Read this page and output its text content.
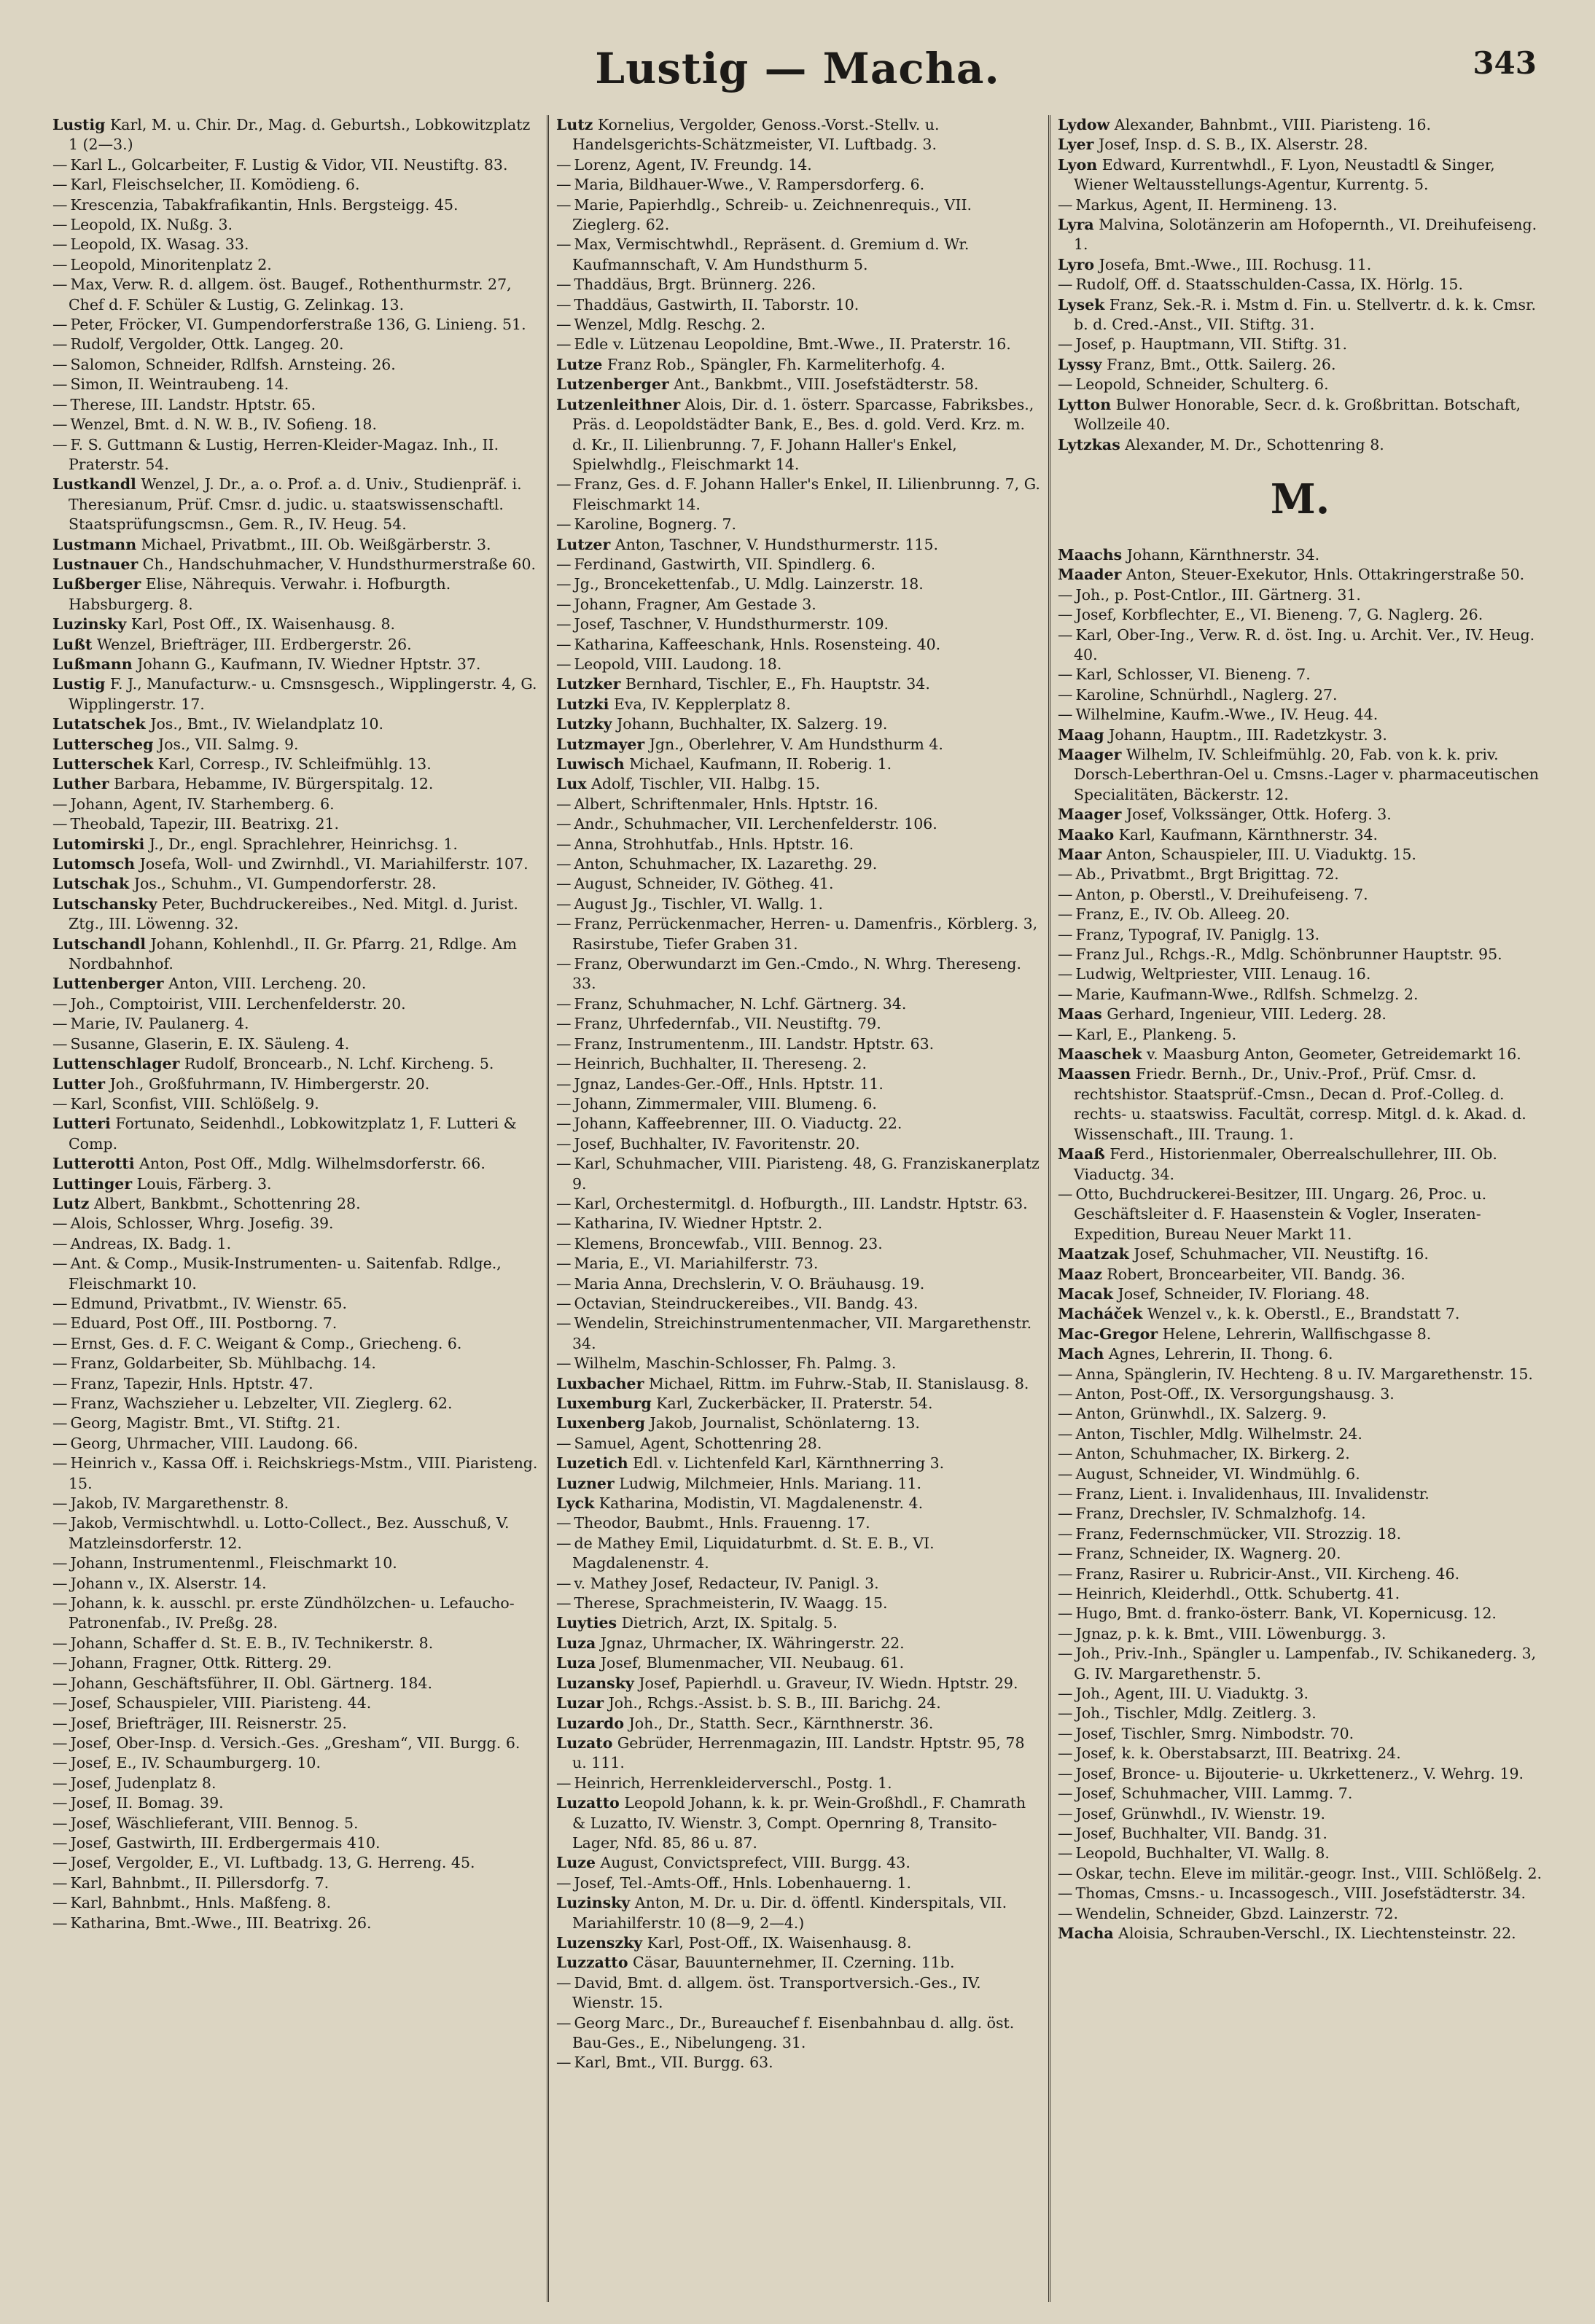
Lustig — Macha.	343
Lustig Karl, M. u. Chir. Dr., Mag. d. Geburtsh., Lobkowitzplatz 1 (2—3.)
— Karl L., Golcarbeiter, F. Lustig & Vidor, VII. Neustiftg. 83.
— Karl, Fleischselcher, II. Komödieng. 6.
— Krescenzia, Tabakfrafikantin, Hnls. Bergsteigg. 45.
— Leopold, IX. Nußg. 3.
— Leopold, IX. Wasag. 33.
— Leopold, Minoritenplatz 2.
— Max, Verw. R. d. allgem. öst. Baugef., Rothenthurmstr. 27, Chef d. F. Schüler & Lustig, G. Zelinkag. 13.
— Peter, Fröcker, VI. Gumpendorferstraße 136, G. Linieng. 51.
— Rudolf, Vergolder, Ottk. Langeg. 20.
— Salomon, Schneider, Rdlfsh. Arnsteing. 26.
— Simon, II. Weintraubeng. 14.
— Therese, III. Landstr. Hptstr. 65.
— Wenzel, Bmt. d. N. W. B., IV. Sofieng. 18.
— F. S. Guttmann & Lustig, Herren-Kleider-Magaz. Inh., II. Praterstr. 54.
Lustkandl Wenzel, J. Dr., a. o. Prof. a. d. Univ., Studienpräf. i. Theresianum, Prüf. Cmsr. d. judic. u. staatswissenschaftl. Staatsprüfungscmsn., Gem. R., IV. Heug. 54.
Lustmann Michael, Privatbmt., III. Ob. Weißgärberstr. 3.
Lustnauer Ch., Handschuhmacher, V. Hundsthurmerstraße 60.
Lußberger Elise, Nährequis. Verwahr. i. Hofburgth. Habsburgerg. 8.
Luzinsky Karl, Post Off., IX. Waisenhausg. 8.
Lußt Wenzel, Briefträger, III. Erdbergerstr. 26.
Lußmann Johann G., Kaufmann, IV. Wiedner Hptstr. 37.
Lustig F. J., Manufacturw.- u. Cmsnsgesch., Wipplingerstr. 4, G. Wipplingerstr. 17.
Lutatschek Jos., Bmt., IV. Wielandplatz 10.
Lutterscheg Jos., VII. Salmg. 9.
Lutterschek Karl, Corresp., IV. Schleifmühlg. 13.
Luther Barbara, Hebamme, IV. Bürgerspitalg. 12.
— Johann, Agent, IV. Starhemberg. 6.
— Theobald, Tapezir, III. Beatrixg. 21.
Lutomirski J., Dr., engl. Sprachlehrer, Heinrichsg. 1.
Lutomsch Josefa, Woll- und Zwirnhdl., VI. Mariahilferstr. 107.
Lutschak Jos., Schuhm., VI. Gumpendorferstr. 28.
Lutschansky Peter, Buchdruckereibes., Ned. Mitgl. d. Jurist. Ztg., III. Löwenng. 32.
Lutschandl Johann, Kohlenhdl., II. Gr. Pfarrg. 21, Rdlge. Am Nordbahnhof.
Luttenberger Anton, VIII. Lercheng. 20.
— Joh., Comptoirist, VIII. Lerchenfelderstr. 20.
— Marie, IV. Paulanerg. 4.
— Susanne, Glaserin, E. IX. Säuleng. 4.
Luttenschlager Rudolf, Broncearb., N. Lchf. Kircheng. 5.
Lutter Joh., Großfuhrmann, IV. Himbergerstr. 20.
— Karl, Sconfist, VIII. Schlößelg. 9.
Lutteri Fortunato, Seidenhdl., Lobkowitzplatz 1, F. Lutteri & Comp.
Lutterotti Anton, Post Off., Mdlg. Wilhelmsdorferstr. 66.
Luttinger Louis, Färberg. 3.
Lutz Albert, Bankbmt., Schottenring 28.
— Alois, Schlosser, Whrg. Josefig. 39.
— Andreas, IX. Badg. 1.
— Ant. & Comp., Musik-Instrumenten- u. Saitenfab. Rdlge., Fleischmarkt 10.
— Edmund, Privatbmt., IV. Wienstr. 65.
— Eduard, Post Off., III. Postborng. 7.
— Ernst, Ges. d. F. C. Weigant & Comp., Griecheng. 6.
— Franz, Goldarbeiter, Sb. Mühlbachg. 14.
— Franz, Tapezir, Hnls. Hptstr. 47.
— Franz, Wachszieher u. Lebzelter, VII. Zieglerg. 62.
— Georg, Magistr. Bmt., VI. Stiftg. 21.
— Georg, Uhrmacher, VIII. Laudong. 66.
— Heinrich v., Kassa Off. i. Reichskriegs-Mstm., VIII. Piaristeng. 15.
— Jakob, IV. Margarethenstr. 8.
— Jakob, Vermischtwhdl. u. Lotto-Collect., Bez. Ausschuß, V. Matzleinsdorferstr. 12.
— Johann, Instrumentenml., Fleischmarkt 10.
— Johann v., IX. Alserstr. 14.
— Johann, k. k. ausschl. pr. erste Zündhölzchen- u. Lefaucho-Patronenfab., IV. Preßg. 28.
— Johann, Schaffer d. St. E. B., IV. Technikerstr. 8.
— Johann, Fragner, Ottk. Ritterg. 29.
— Johann, Geschäftsführer, II. Obl. Gärtnerg. 184.
— Josef, Schauspieler, VIII. Piaristeng. 44.
— Josef, Briefträger, III. Reisnerstr. 25.
— Josef, Ober-Insp. d. Versich.-Ges. „Gresham“, VII. Burgg. 6.
— Josef, E., IV. Schaumburgerg. 10.
— Josef, Judenplatz 8.
— Josef, II. Bomag. 39.
— Josef, Wäschlieferant, VIII. Bennog. 5.
— Josef, Gastwirth, III. Erdbergermais 410.
— Josef, Vergolder, E., VI. Luftbadg. 13, G. Herreng. 45.
— Karl, Bahnbmt., II. Pillersdorfg. 7.
— Karl, Bahnbmt., Hnls. Maßfeng. 8.
— Katharina, Bmt.-Wwe., III. Beatrixg. 26.
Lutz Kornelius, Vergolder, Genoss.-Vorst.-Stellv. u. Handelsgerichts-Schätzmeister, VI. Luftbadg. 3.
— Lorenz, Agent, IV. Freundg. 14.
— Maria, Bildhauer-Wwe., V. Rampersdorferg. 6.
— Marie, Papierhdlg., Schreib- u. Zeichnenrequis., VII. Zieglerg. 62.
— Max, Vermischtwhdl., Repräsent. d. Gremium d. Wr. Kaufmannschaft, V. Am Hundsthurm 5.
— Thaddäus, Brgt. Brünnerg. 226.
— Thaddäus, Gastwirth, II. Taborstr. 10.
— Wenzel, Mdlg. Reschg. 2.
— Edle v. Lützenau Leopoldine, Bmt.-Wwe., II. Praterstr. 16.
Lutze Franz Rob., Spängler, Fh. Karmeliterhofg. 4.
Lutzenberger Ant., Bankbmt., VIII. Josefstädterstr. 58.
Lutzenleithner Alois, Dir. d. 1. österr. Sparcasse, Fabriksbes., Präs. d. Leopoldstädter Bank, E., Bes. d. gold. Verd. Krz. m. d. Kr., II. Lilienbrunng. 7, F. Johann Haller's Enkel, Spielwhdlg., Fleischmarkt 14.
— Franz, Ges. d. F. Johann Haller's Enkel, II. Lilienbrunng. 7, G. Fleischmarkt 14.
— Karoline, Bognerg. 7.
Lutzer Anton, Taschner, V. Hundsthurmerstr. 115.
— Ferdinand, Gastwirth, VII. Spindlerg. 6.
— Jg., Broncekettenfab., U. Mdlg. Lainzerstr. 18.
— Johann, Fragner, Am Gestade 3.
— Josef, Taschner, V. Hundsthurmerstr. 109.
— Katharina, Kaffeeschank, Hnls. Rosensteing. 40.
— Leopold, VIII. Laudong. 18.
Lutzker Bernhard, Tischler, E., Fh. Hauptstr. 34.
Lutzki Eva, IV. Kepplerplatz 8.
Lutzky Johann, Buchhalter, IX. Salzerg. 19.
Lutzmayer Jgn., Oberlehrer, V. Am Hundsthurm 4.
Luwisch Michael, Kaufmann, II. Roberig. 1.
Lux Adolf, Tischler, VII. Halbg. 15.
— Albert, Schriftenmaler, Hnls. Hptstr. 16.
— Andr., Schuhmacher, VII. Lerchenfelderstr. 106.
— Anna, Strohhutfab., Hnls. Hptstr. 16.
— Anton, Schuhmacher, IX. Lazarethg. 29.
— August, Schneider, IV. Götheg. 41.
— August Jg., Tischler, VI. Wallg. 1.
— Franz, Perrückenmacher, Herren- u. Damenfris., Körblerg. 3, Rasirstube, Tiefer Graben 31.
— Franz, Oberwundarzt im Gen.-Cmdo., N. Whrg. Thereseng. 33.
— Franz, Schuhmacher, N. Lchf. Gärtnerg. 34.
— Franz, Uhrfedernfab., VII. Neustiftg. 79.
— Franz, Instrumentenm., III. Landstr. Hptstr. 63.
— Heinrich, Buchhalter, II. Thereseng. 2.
— Jgnaz, Landes-Ger.-Off., Hnls. Hptstr. 11.
— Johann, Zimmermaler, VIII. Blumeng. 6.
— Johann, Kaffeebrenner, III. O. Viaductg. 22.
— Josef, Buchhalter, IV. Favoritenstr. 20.
— Karl, Schuhmacher, VIII. Piaristeng. 48, G. Franziskanerplatz 9.
— Karl, Orchestermitgl. d. Hofburgth., III. Landstr. Hptstr. 63.
— Katharina, IV. Wiedner Hptstr. 2.
— Klemens, Broncewfab., VIII. Bennog. 23.
— Maria, E., VI. Mariahilferstr. 73.
— Maria Anna, Drechslerin, V. O. Bräuhausg. 19.
— Octavian, Steindruckereibes., VII. Bandg. 43.
— Wendelin, Streichinstrumentenmacher, VII. Margarethenstr. 34.
— Wilhelm, Maschin-Schlosser, Fh. Palmg. 3.
Luxbacher Michael, Rittm. im Fuhrw.-Stab, II. Stanislausg. 8.
Luxemburg Karl, Zuckerbäcker, II. Praterstr. 54.
Luxenberg Jakob, Journalist, Schönlaterng. 13.
— Samuel, Agent, Schottenring 28.
Luzetich Edl. v. Lichtenfeld Karl, Kärnthnerring 3.
Luzner Ludwig, Milchmeier, Hnls. Mariang. 11.
Lyck Katharina, Modistin, VI. Magdalenenstr. 4.
— Theodor, Baubmt., Hnls. Frauenng. 17.
— de Mathey Emil, Liquidaturbmt. d. St. E. B., VI. Magdalenenstr. 4.
— v. Mathey Josef, Redacteur, IV. Panigl. 3.
— Therese, Sprachmeisterin, IV. Waagg. 15.
Luyties Dietrich, Arzt, IX. Spitalg. 5.
Luza Jgnaz, Uhrmacher, IX. Währingerstr. 22.
Luza Josef, Blumenmacher, VII. Neubaug. 61.
Luzansky Josef, Papierhdl. u. Graveur, IV. Wiedn. Hptstr. 29.
Luzar Joh., Rchgs.-Assist. b. S. B., III. Barichg. 24.
Luzardo Joh., Dr., Statth. Secr., Kärnthnerstr. 36.
Luzato Gebrüder, Herrenmagazin, III. Landstr. Hptstr. 95, 78 u. 111.
— Heinrich, Herrenkleiderverschl., Postg. 1.
Luzatto Leopold Johann, k. k. pr. Wein-Großhdl., F. Chamrath & Luzatto, IV. Wienstr. 3, Compt. Opernring 8, Transito-Lager, Nfd. 85, 86 u. 87.
Luze August, Convictsprefect, VIII. Burgg. 43.
— Josef, Tel.-Amts-Off., Hnls. Lobenhauerng. 1.
Luzinsky Anton, M. Dr. u. Dir. d. öffentl. Kinderspitals, VII. Mariahilferstr. 10 (8—9, 2—4.)
Luzenszky Karl, Post-Off., IX. Waisenhausg. 8.
Luzzatto Cäsar, Bauunternehmer, II. Czerning. 11b.
— David, Bmt. d. allgem. öst. Transportversich.-Ges., IV. Wienstr. 15.
— Georg Marc., Dr., Bureauchef f. Eisenbahnbau d. allg. öst. Bau-Ges., E., Nibelungeng. 31.
— Karl, Bmt., VII. Burgg. 63.
Lydow Alexander, Bahnbmt., VIII. Piaristeng. 16.
Lyer Josef, Insp. d. S. B., IX. Alserstr. 28.
Lyon Edward, Kurrentwhdl., F. Lyon, Neustadtl & Singer, Wiener Weltausstellungs-Agentur, Kurrentg. 5.
— Markus, Agent, II. Hermineng. 13.
Lyra Malvina, Solotänzerin am Hofopernth., VI. Dreihufeiseng. 1.
Lyro Josefa, Bmt.-Wwe., III. Rochusg. 11.
— Rudolf, Off. d. Staatsschulden-Cassa, IX. Hörlg. 15.
Lysek Franz, Sek.-R. i. Mstm d. Fin. u. Stellvertr. d. k. k. Cmsr. b. d. Cred.-Anst., VII. Stiftg. 31.
— Josef, p. Hauptmann, VII. Stiftg. 31.
Lyssy Franz, Bmt., Ottk. Sailerg. 26.
— Leopold, Schneider, Schulterg. 6.
Lytton Bulwer Honorable, Secr. d. k. Großbrittan. Botschaft, Wollzeile 40.
Lytzkas Alexander, M. Dr., Schottenring 8.
M.
Maachs Johann, Kärnthnerstr. 34.
Maader Anton, Steuer-Exekutor, Hnls. Ottakringerstraße 50.
— Joh., p. Post-Cntlor., III. Gärtnerg. 31.
— Josef, Korbflechter, E., VI. Bieneng. 7, G. Naglerg. 26.
— Karl, Ober-Ing., Verw. R. d. öst. Ing. u. Archit. Ver., IV. Heug. 40.
— Karl, Schlosser, VI. Bieneng. 7.
— Karoline, Schnürhdl., Naglerg. 27.
— Wilhelmine, Kaufm.-Wwe., IV. Heug. 44.
Maag Johann, Hauptm., III. Radetzkystr. 3.
Maager Wilhelm, IV. Schleifmühlg. 20, Fab. von k. k. priv. Dorsch-Leberthran-Oel u. Cmsns.-Lager v. pharmaceutischen Specialitäten, Bäckerstr. 12.
Maager Josef, Volkssänger, Ottk. Hoferg. 3.
Maako Karl, Kaufmann, Kärnthnerstr. 34.
Maar Anton, Schauspieler, III. U. Viaduktg. 15.
— Ab., Privatbmt., Brgt Brigittag. 72.
— Anton, p. Oberstl., V. Dreihufeiseng. 7.
— Franz, E., IV. Ob. Alleeg. 20.
— Franz, Typograf, IV. Paniglg. 13.
— Franz Jul., Rchgs.-R., Mdlg. Schönbrunner Hauptstr. 95.
— Ludwig, Weltpriester, VIII. Lenaug. 16.
— Marie, Kaufmann-Wwe., Rdlfsh. Schmelzg. 2.
Maas Gerhard, Ingenieur, VIII. Lederg. 28.
— Karl, E., Plankeng. 5.
Maaschek v. Maasburg Anton, Geometer, Getreidemarkt 16.
Maassen Friedr. Bernh., Dr., Univ.-Prof., Prüf. Cmsr. d. rechtshistor. Staatsprüf.-Cmsn., Decan d. Prof.-Colleg. d. rechts- u. staatswiss. Facultät, corresp. Mitgl. d. k. Akad. d. Wissenschaft., III. Traung. 1.
Maaß Ferd., Historienmaler, Oberrealschullehrer, III. Ob. Viaductg. 34.
— Otto, Buchdruckerei-Besitzer, III. Ungarg. 26, Proc. u. Geschäftsleiter d. F. Haasenstein & Vogler, Inseraten-Expedition, Bureau Neuer Markt 11.
Maatzak Josef, Schuhmacher, VII. Neustiftg. 16.
Maaz Robert, Broncearbeiter, VII. Bandg. 36.
Macak Josef, Schneider, IV. Floriang. 48.
Macháček Wenzel v., k. k. Oberstl., E., Brandstatt 7.
Mac-Gregor Helene, Lehrerin, Wallfischgasse 8.
Mach Agnes, Lehrerin, II. Thong. 6.
— Anna, Spänglerin, IV. Hechteng. 8 u. IV. Margarethenstr. 15.
— Anton, Post-Off., IX. Versorgungshausg. 3.
— Anton, Grünwhdl., IX. Salzerg. 9.
— Anton, Tischler, Mdlg. Wilhelmstr. 24.
— Anton, Schuhmacher, IX. Birkerg. 2.
— August, Schneider, VI. Windmühlg. 6.
— Franz, Lient. i. Invalidenhaus, III. Invalidenstr.
— Franz, Drechsler, IV. Schmalzhofg. 14.
— Franz, Federnschmücker, VII. Strozzig. 18.
— Franz, Schneider, IX. Wagnerg. 20.
— Franz, Rasirer u. Rubricir-Anst., VII. Kircheng. 46.
— Heinrich, Kleiderhdl., Ottk. Schubertg. 41.
— Hugo, Bmt. d. franko-österr. Bank, VI. Kopernicusg. 12.
— Jgnaz, p. k. k. Bmt., VIII. Löwenburgg. 3.
— Joh., Priv.-Inh., Spängler u. Lampenfab., IV. Schikanederg. 3, G. IV. Margarethenstr. 5.
— Joh., Agent, III. U. Viaduktg. 3.
— Joh., Tischler, Mdlg. Zeitlerg. 3.
— Josef, Tischler, Smrg. Nimbodstr. 70.
— Josef, k. k. Oberstabsarzt, III. Beatrixg. 24.
— Josef, Bronce- u. Bijouterie- u. Ukrkettenerz., V. Wehrg. 19.
— Josef, Schuhmacher, VIII. Lammg. 7.
— Josef, Grünwhdl., IV. Wienstr. 19.
— Josef, Buchhalter, VII. Bandg. 31.
— Leopold, Buchhalter, VI. Wallg. 8.
— Oskar, techn. Eleve im militär.-geogr. Inst., VIII. Schlößelg. 2.
— Thomas, Cmsns.- u. Incassogesch., VIII. Josefstädterstr. 34.
— Wendelin, Schneider, Gbzd. Lainzerstr. 72.
Macha Aloisia, Schrauben-Verschl., IX. Liechtensteinstr. 22.
